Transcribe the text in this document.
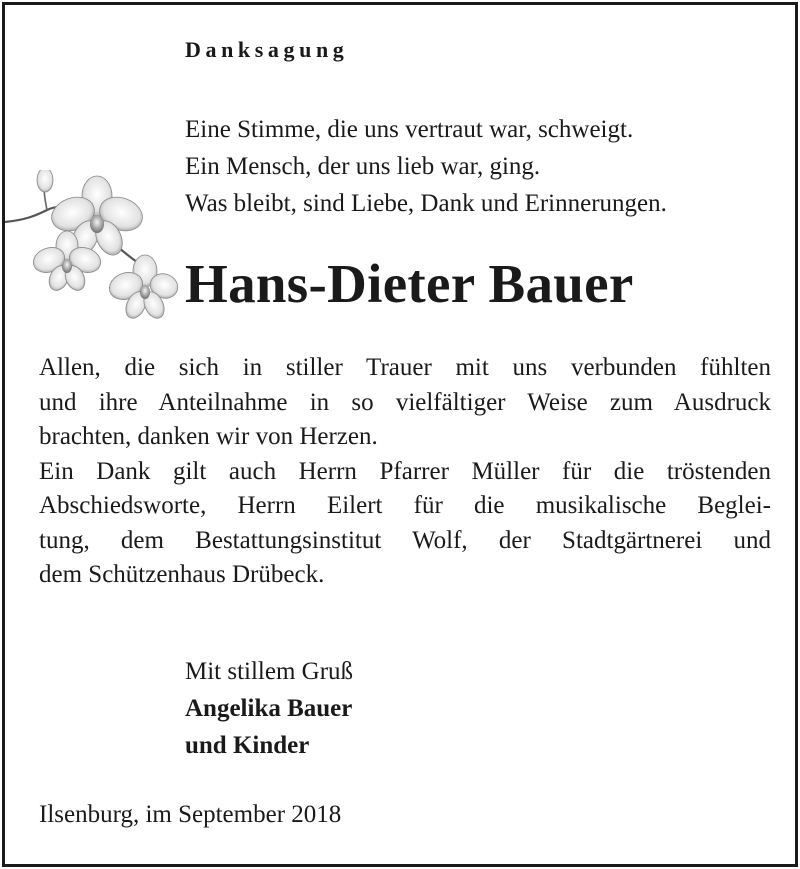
Danksagung
Eine Stimme, die uns vertraut war, schweigt.
Ein Mensch, der uns lieb war, ging.
Was bleibt, sind Liebe, Dank und Erinnerungen.
Hans-Dieter Bauer
Allen, die sich in stiller Trauer mit uns verbunden fühlten
und ihre Anteilnahme in so vielfältiger Weise zum Ausdruck
brachten, danken wir von Herzen.
Ein Dank gilt auch Herrn Pfarrer Müller für die tröstenden
Abschiedsworte, Herrn Eilert für die musikalische Beglei-
tung, dem Bestattungsinstitut Wolf, der Stadtgärtnerei und
dem Schützenhaus Drübeck.
Mit stillem Gruß
Angelika Bauer
und Kinder
Ilsenburg, im September 2018
